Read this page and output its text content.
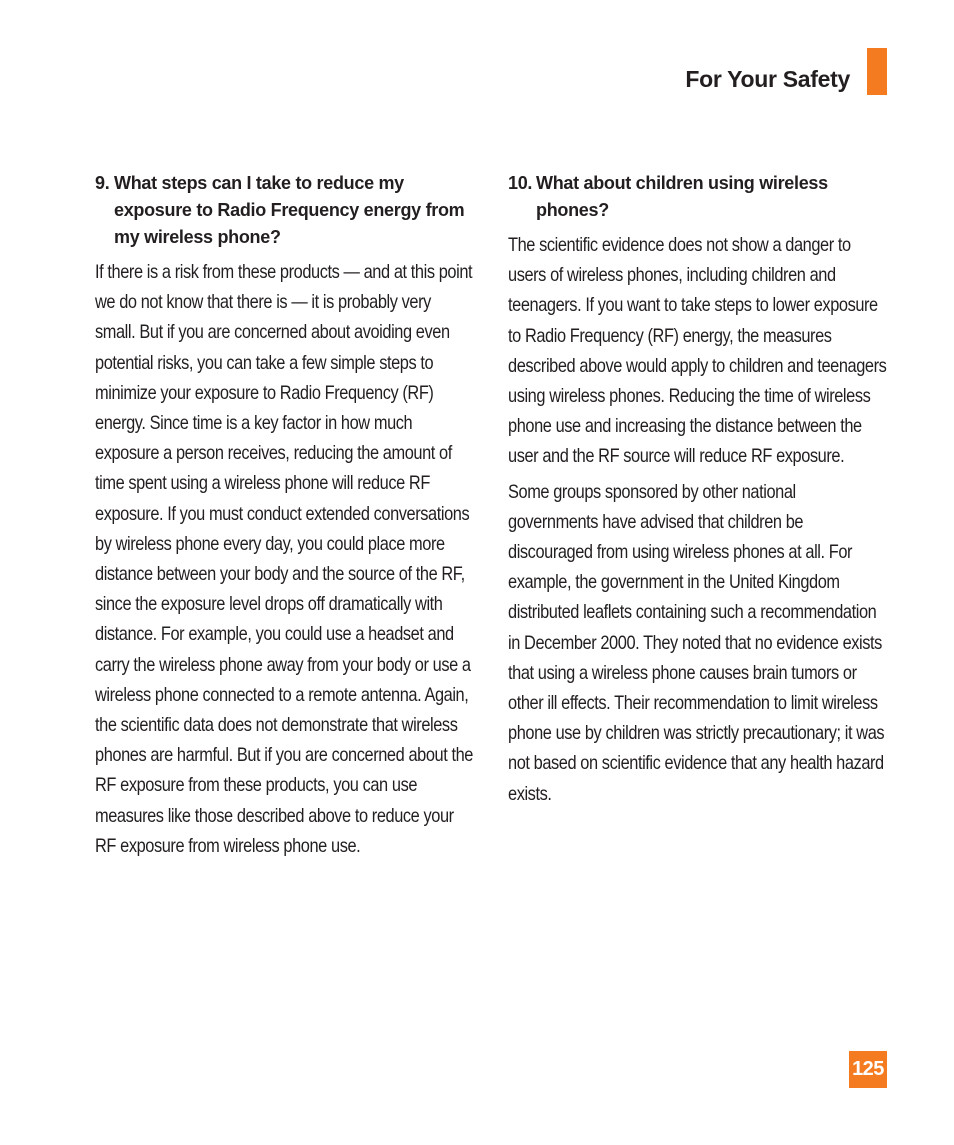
For Your Safety
9. What steps can I take to reduce my exposure to Radio Frequency energy from my wireless phone?

If there is a risk from these products — and at this point we do not know that there is — it is probably very small. But if you are concerned about avoiding even potential risks, you can take a few simple steps to minimize your exposure to Radio Frequency (RF) energy. Since time is a key factor in how much exposure a person receives, reducing the amount of time spent using a wireless phone will reduce RF exposure. If you must conduct extended conversations by wireless phone every day, you could place more distance between your body and the source of the RF, since the exposure level drops off dramatically with distance. For example, you could use a headset and carry the wireless phone away from your body or use a wireless phone connected to a remote antenna. Again, the scientific data does not demonstrate that wireless phones are harmful. But if you are concerned about the RF exposure from these products, you can use measures like those described above to reduce your RF exposure from wireless phone use.

10. What about children using wireless phones?

The scientific evidence does not show a danger to users of wireless phones, including children and teenagers. If you want to take steps to lower exposure to Radio Frequency (RF) energy, the measures described above would apply to children and teenagers using wireless phones. Reducing the time of wireless phone use and increasing the distance between the user and the RF source will reduce RF exposure.

Some groups sponsored by other national governments have advised that children be discouraged from using wireless phones at all. For example, the government in the United Kingdom distributed leaflets containing such a recommendation in December 2000. They noted that no evidence exists that using a wireless phone causes brain tumors or other ill effects. Their recommendation to limit wireless phone use by children was strictly precautionary; it was not based on scientific evidence that any health hazard exists.

125
